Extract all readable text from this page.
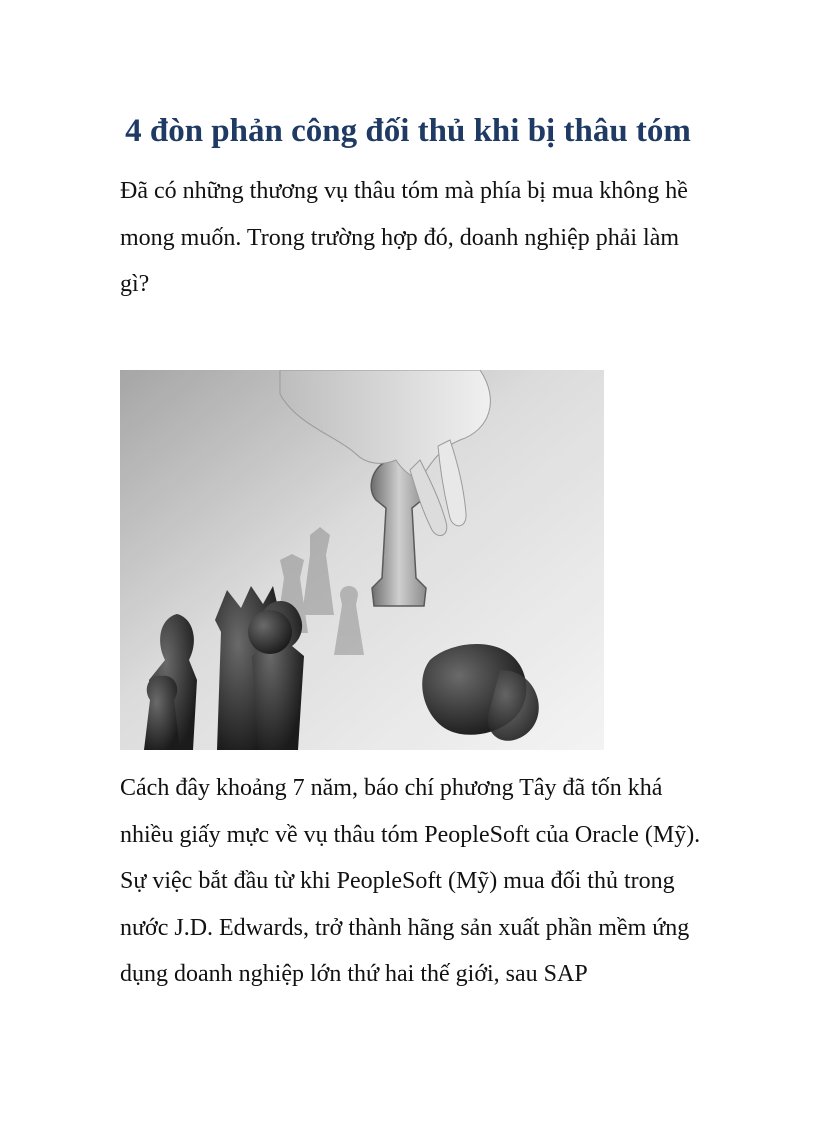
4 đòn phản công đối thủ khi bị thâu tóm

Đã có những thương vụ thâu tóm mà phía bị mua không hề mong muốn. Trong trường hợp đó, doanh nghiệp phải làm gì?

Cách đây khoảng 7 năm, báo chí phương Tây đã tốn khá nhiều giấy mực về vụ thâu tóm PeopleSoft của Oracle (Mỹ). Sự việc bắt đầu từ khi PeopleSoft (Mỹ) mua đối thủ trong nước J.D. Edwards, trở thành hãng sản xuất phần mềm ứng dụng doanh nghiệp lớn thứ hai thế giới, sau SAP
